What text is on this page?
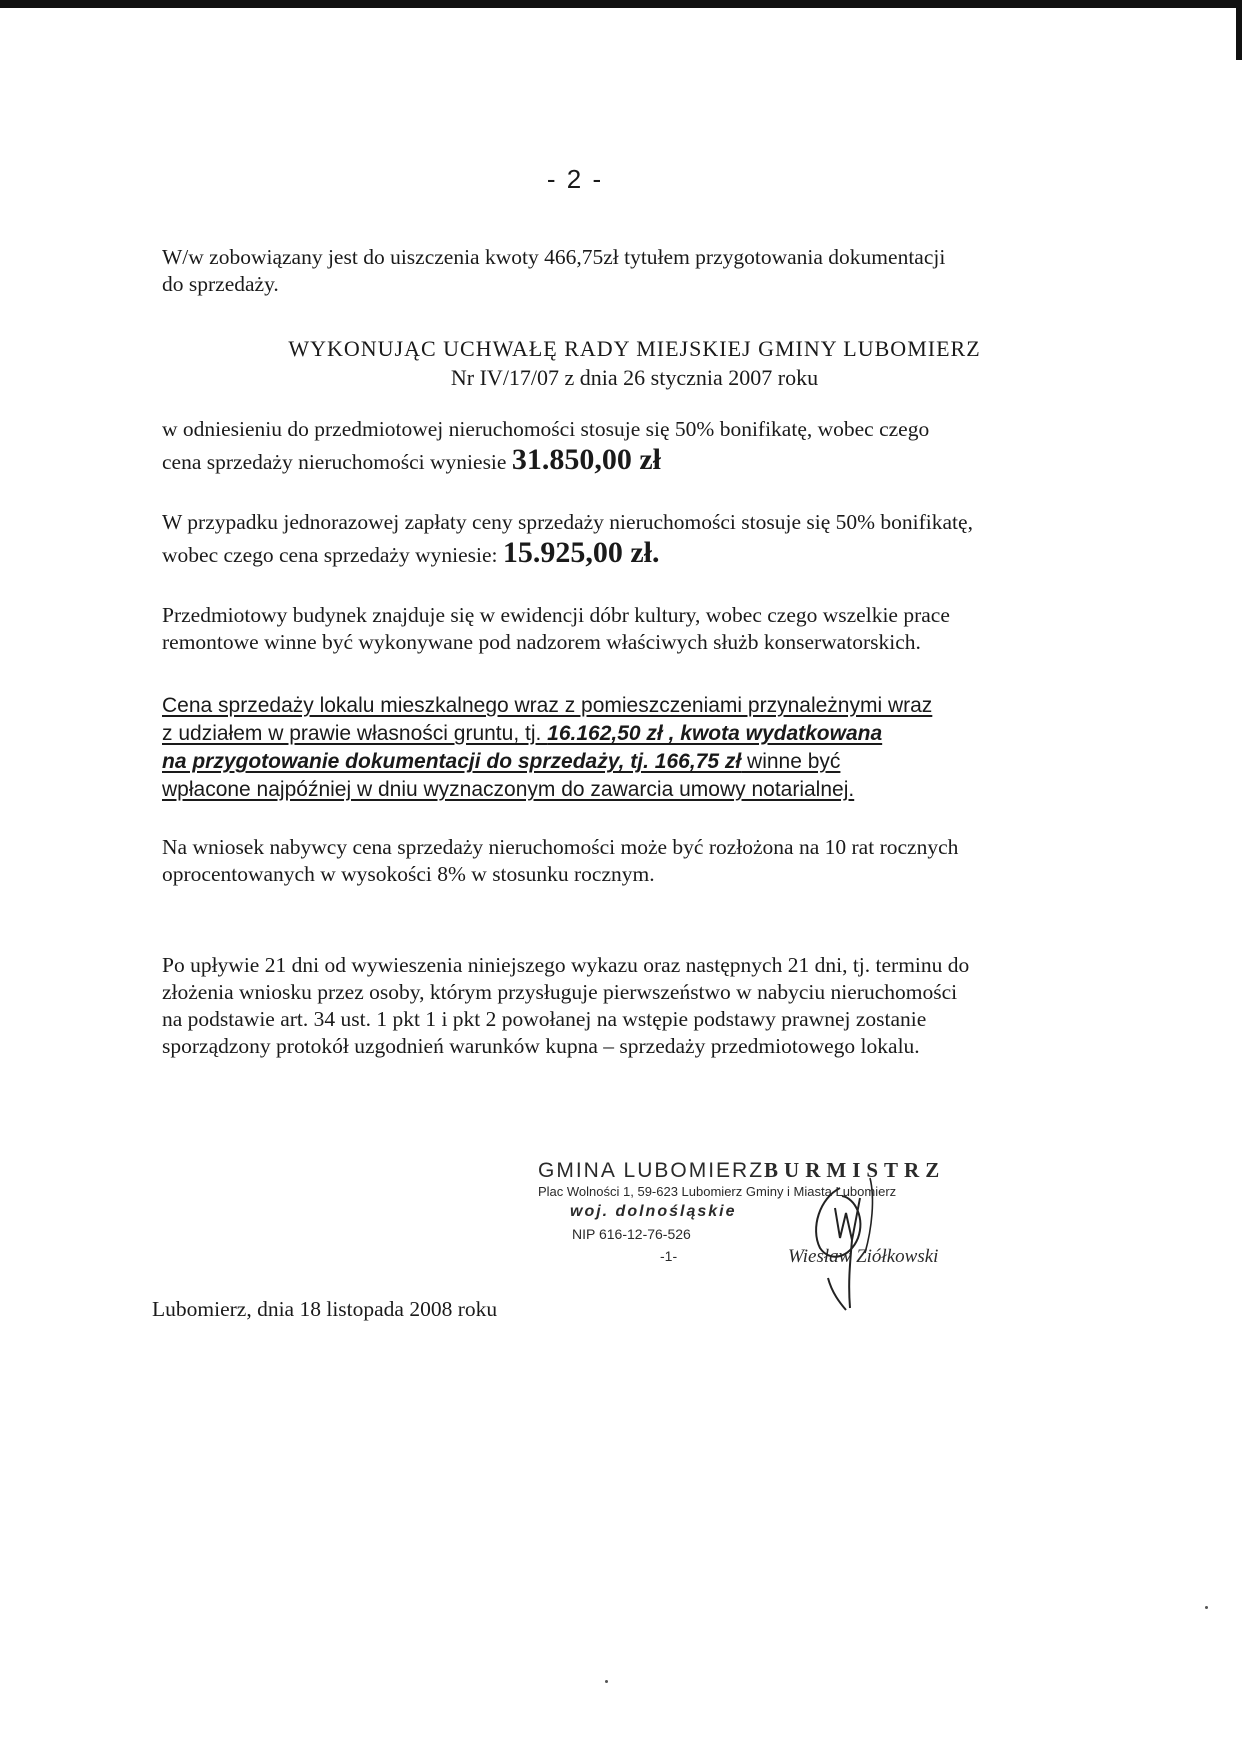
- 2 -

W/w zobowiązany jest do uiszczenia kwoty 466,75zł tytułem przygotowania dokumentacji
do sprzedaży.

WYKONUJĄC UCHWAŁĘ RADY MIEJSKIEJ GMINY LUBOMIERZ
Nr IV/17/07 z dnia 26 stycznia 2007 roku

w odniesieniu do przedmiotowej nieruchomości stosuje się 50% bonifikatę, wobec czego
cena sprzedaży nieruchomości wyniesie 31.850,00 zł

W przypadku jednorazowej zapłaty ceny sprzedaży nieruchomości stosuje się 50% bonifikatę,
wobec czego cena sprzedaży wyniesie: 15.925,00 zł.

Przedmiotowy budynek znajduje się w ewidencji dóbr kultury, wobec czego wszelkie prace
remontowe winne być wykonywane pod nadzorem właściwych służb konserwatorskich.

Cena sprzedaży lokalu mieszkalnego wraz z pomieszczeniami przynależnymi wraz
z udziałem w prawie własności gruntu, tj. 16.162,50 zł , kwota wydatkowana
na przygotowanie dokumentacji do sprzedaży, tj. 166,75 zł winne być
wpłacone najpóźniej w dniu wyznaczonym do zawarcia umowy notarialnej.

Na wniosek nabywcy cena sprzedaży nieruchomości może być rozłożona na 10 rat rocznych
oprocentowanych w wysokości 8% w stosunku rocznym.

Po upływie 21 dni od wywieszenia niniejszego wykazu oraz następnych 21 dni, tj. terminu do
złożenia wniosku przez osoby, którym przysługuje pierwszeństwo w nabyciu nieruchomości
na podstawie art. 34 ust. 1 pkt 1 i pkt 2 powołanej na wstępie podstawy prawnej zostanie
sporządzony protokół uzgodnień warunków kupna – sprzedaży przedmiotowego lokalu.

GMINA LUBOMIERZBURMISTRZ
Plac Wolności 1, 59-623 Lubomierz Gminy i Miasta Lubomierz
woj. dolnośląskie
NIP 616-12-76-526
-1-	Wiesław Ziółkowski
Lubomierz, dnia 18 listopada 2008 roku
